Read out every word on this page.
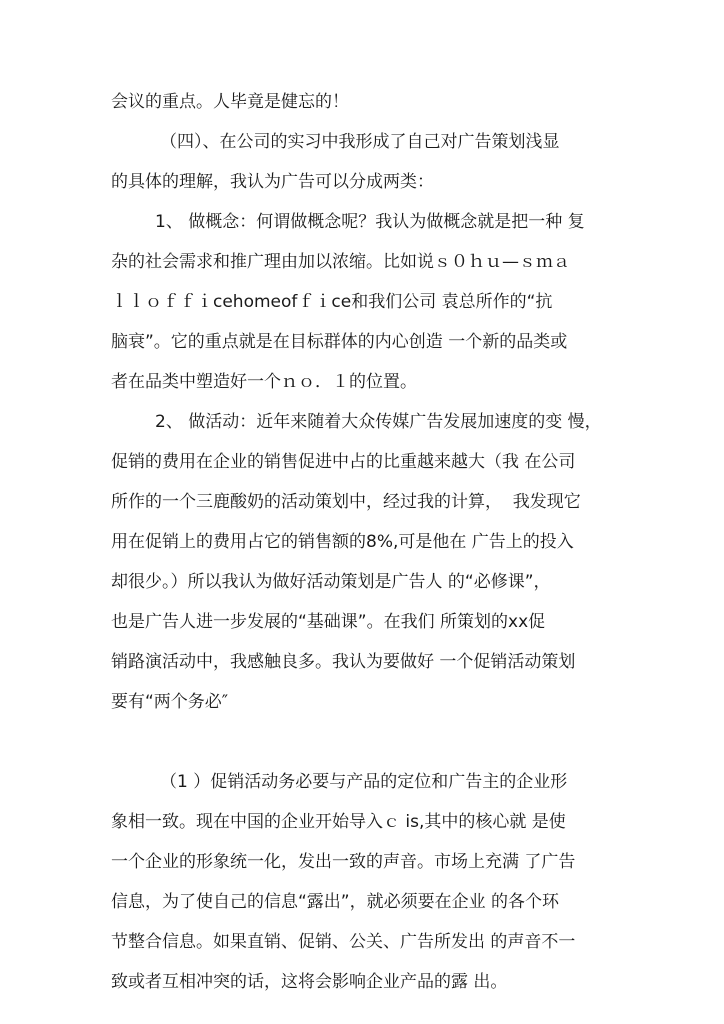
会议的重点。人毕竟是健忘的！

（四）、在公司的实习中我形成了自己对广告策划浅显

的具体的理解，我认为广告可以分成两类：

1、 做概念：何谓做概念呢？我认为做概念就是把一种 复

杂的社会需求和推广理由加以浓缩。比如说ｓ０ｈｕ—ｓｍａ

ｌｌｏｆｆｉcehomeofｆｉce和我们公司 袁总所作的“抗

脑衰”。它的重点就是在目标群体的内心创造 一个新的品类或

者在品类中塑造好一个ｎｏ．１的位置。

2、 做活动：近年来随着大众传媒广告发展加速度的变 慢，

促销的费用在企业的销售促进中占的比重越来越大（我 在公司

所作的一个三鹿酸奶的活动策划中，经过我的计算，  我发现它

用在促销上的费用占它的销售额的8%,可是他在 广告上的投入

却很少。）所以我认为做好活动策划是广告人 的“必修课”，

也是广告人进一步发展的“基础课”。在我们 所策划的xx促

销路演活动中，我感触良多。我认为要做好 一个促销活动策划

要有“两个务必″

（1 ）促销活动务必要与产品的定位和广告主的企业形

象相一致。现在中国的企业开始导入ｃ is,其中的核心就 是使

一个企业的形象统一化，发出一致的声音。市场上充满 了广告

信息，为了使自己的信息“露出”，就必须要在企业 的各个环

节整合信息。如果直销、促销、公关、广告所发出 的声音不一

致或者互相冲突的话，这将会影响企业产品的露 出。
